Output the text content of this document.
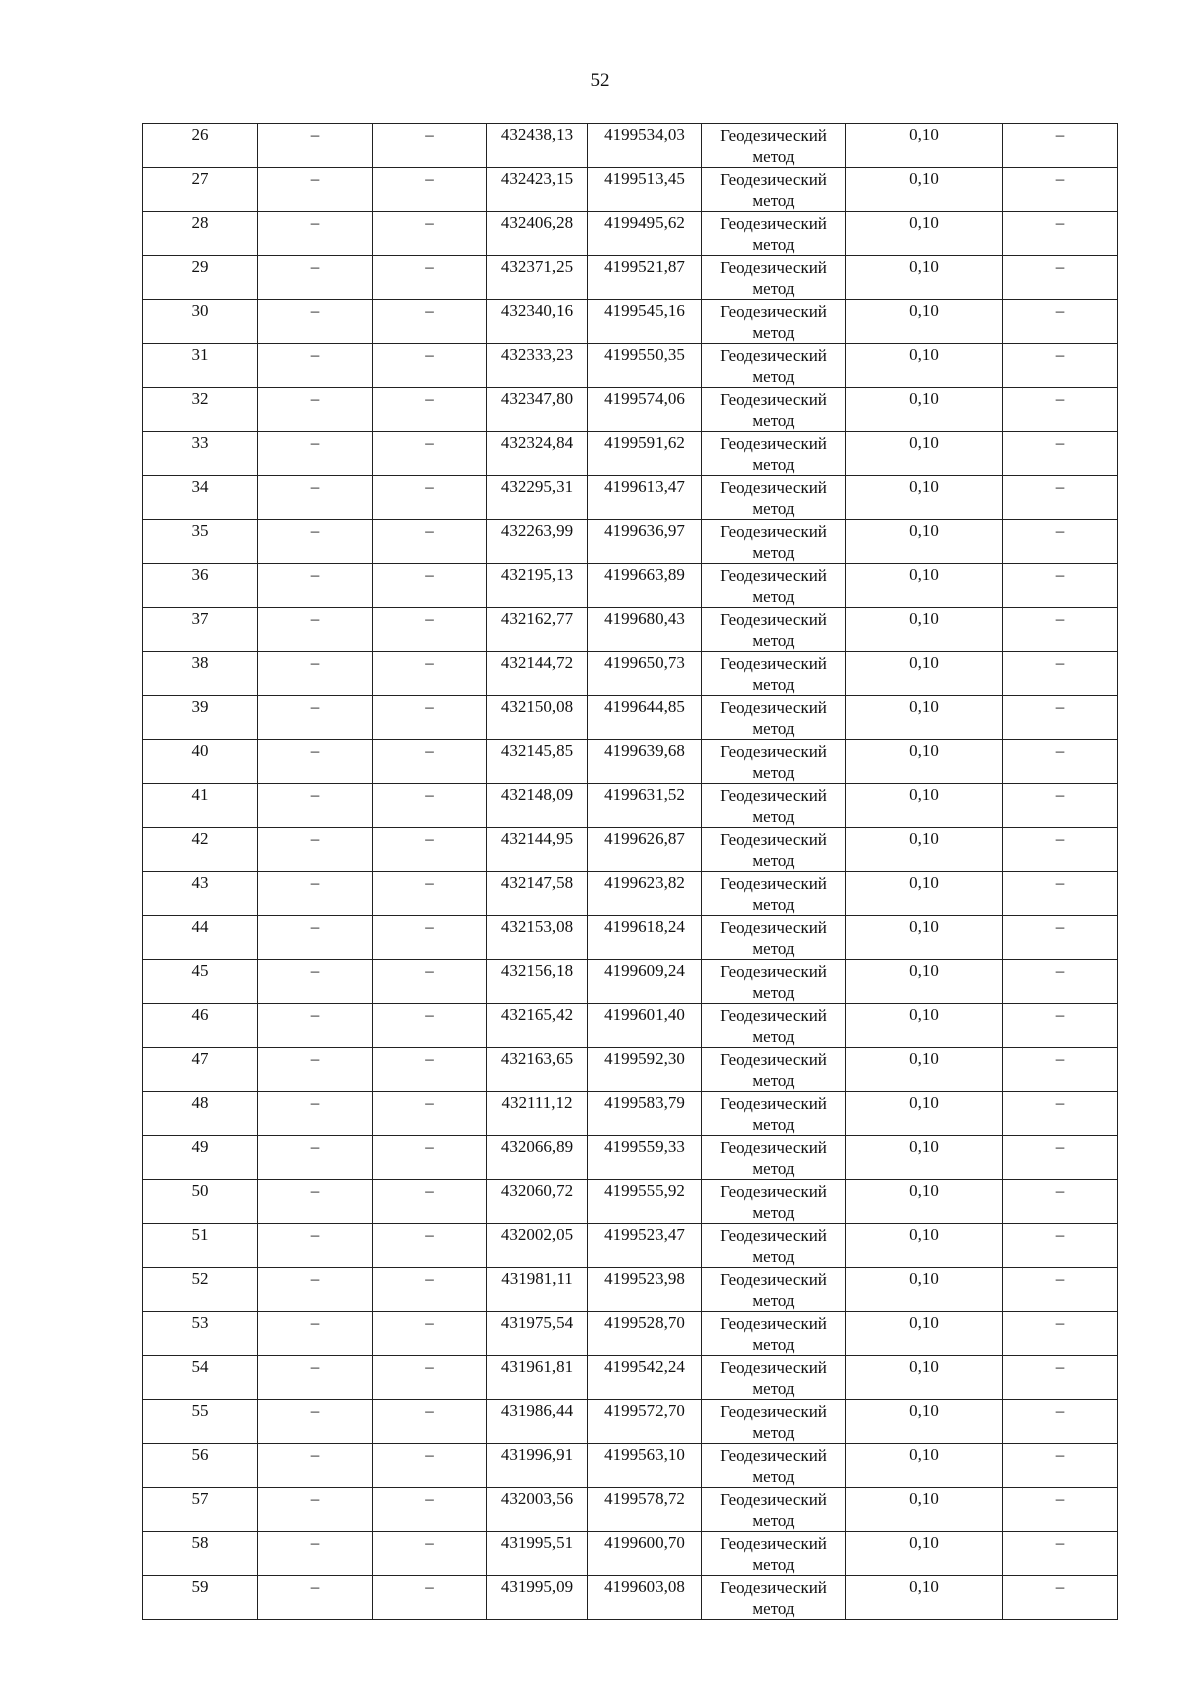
52
26	–	–	432438,13	4199534,03	Геодезический метод	0,10	–
27	–	–	432423,15	4199513,45	Геодезический метод	0,10	–
28	–	–	432406,28	4199495,62	Геодезический метод	0,10	–
29	–	–	432371,25	4199521,87	Геодезический метод	0,10	–
30	–	–	432340,16	4199545,16	Геодезический метод	0,10	–
31	–	–	432333,23	4199550,35	Геодезический метод	0,10	–
32	–	–	432347,80	4199574,06	Геодезический метод	0,10	–
33	–	–	432324,84	4199591,62	Геодезический метод	0,10	–
34	–	–	432295,31	4199613,47	Геодезический метод	0,10	–
35	–	–	432263,99	4199636,97	Геодезический метод	0,10	–
36	–	–	432195,13	4199663,89	Геодезический метод	0,10	–
37	–	–	432162,77	4199680,43	Геодезический метод	0,10	–
38	–	–	432144,72	4199650,73	Геодезический метод	0,10	–
39	–	–	432150,08	4199644,85	Геодезический метод	0,10	–
40	–	–	432145,85	4199639,68	Геодезический метод	0,10	–
41	–	–	432148,09	4199631,52	Геодезический метод	0,10	–
42	–	–	432144,95	4199626,87	Геодезический метод	0,10	–
43	–	–	432147,58	4199623,82	Геодезический метод	0,10	–
44	–	–	432153,08	4199618,24	Геодезический метод	0,10	–
45	–	–	432156,18	4199609,24	Геодезический метод	0,10	–
46	–	–	432165,42	4199601,40	Геодезический метод	0,10	–
47	–	–	432163,65	4199592,30	Геодезический метод	0,10	–
48	–	–	432111,12	4199583,79	Геодезический метод	0,10	–
49	–	–	432066,89	4199559,33	Геодезический метод	0,10	–
50	–	–	432060,72	4199555,92	Геодезический метод	0,10	–
51	–	–	432002,05	4199523,47	Геодезический метод	0,10	–
52	–	–	431981,11	4199523,98	Геодезический метод	0,10	–
53	–	–	431975,54	4199528,70	Геодезический метод	0,10	–
54	–	–	431961,81	4199542,24	Геодезический метод	0,10	–
55	–	–	431986,44	4199572,70	Геодезический метод	0,10	–
56	–	–	431996,91	4199563,10	Геодезический метод	0,10	–
57	–	–	432003,56	4199578,72	Геодезический метод	0,10	–
58	–	–	431995,51	4199600,70	Геодезический метод	0,10	–
59	–	–	431995,09	4199603,08	Геодезический метод	0,10	–
